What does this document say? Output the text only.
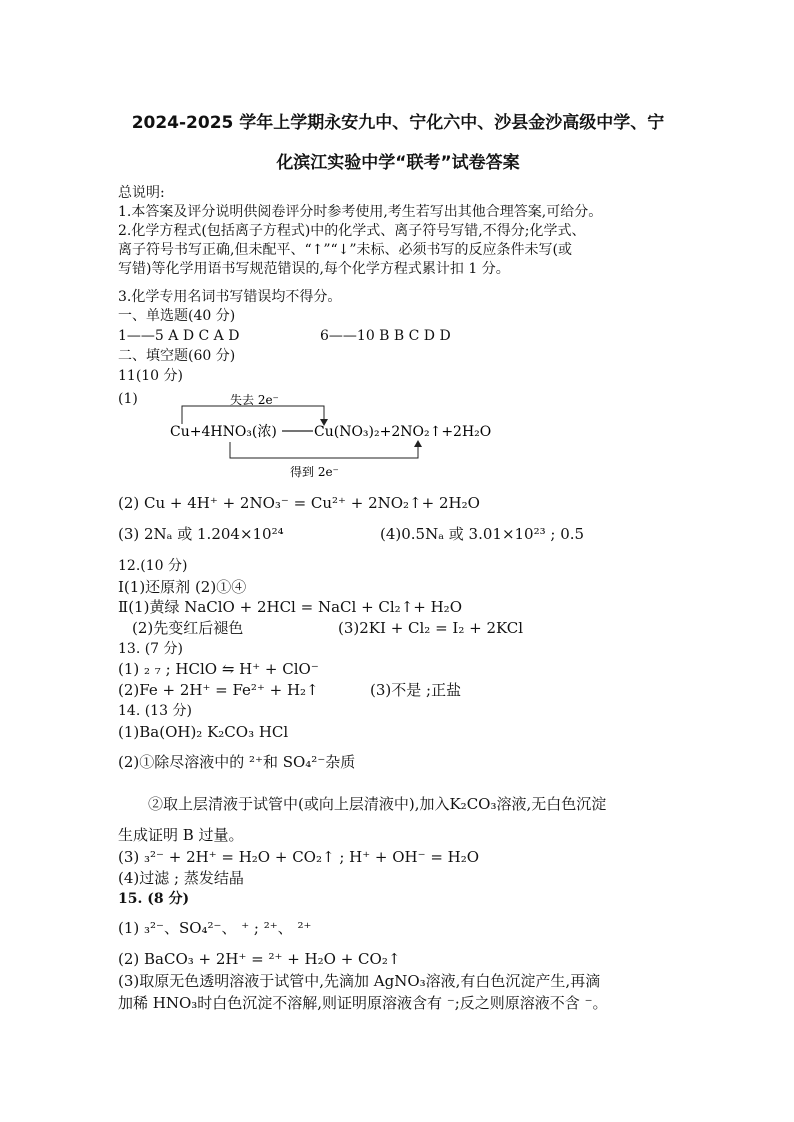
2024-2025 学年上学期永安九中、宁化六中、沙县金沙高级中学、宁
化滨江实验中学“联考”试卷答案
总说明:
1.本答案及评分说明供阅卷评分时参考使用,考生若写出其他合理答案,可给分。
2.化学方程式(包括离子方程式)中的化学式、离子符号写错,不得分;化学式、
离子符号书写正确,但未配平、“↑”“↓”未标、必须书写的反应条件未写(或
写错)等化学用语书写规范错误的,每个化学方程式累计扣 1 分。
3.化学专用名词书写错误均不得分。
一、单选题(40 分)
1——5 A D C A D	6——10 B B C D D
二、填空题(60 分)
11(10 分)
(1)	失去 2e⁻
Cu+4HNO₃(浓)	Cu(NO₃)₂+2NO₂↑+2H₂O
得到 2e⁻
(2) Cu + 4H⁺ + 2NO₃⁻ = Cu²⁺ + 2NO₂↑+ 2H₂O
(3) 2Nₐ 或 1.204×10²⁴	(4)0.5Nₐ 或 3.01×10²³ ; 0.5
12.(10 分)
Ⅰ(1)还原剂 (2)①④
Ⅱ(1)黄绿 NaClO + 2HCl = NaCl + Cl₂↑+ H₂O
(2)先变红后褪色	(3)2KI + Cl₂ = I₂ + 2KCl
13. (7 分)
(1) ₂ ₇ ; HClO ⇋ H⁺ + ClO⁻
(2)Fe + 2H⁺ = Fe²⁺ + H₂↑	(3)不是 ;正盐
14. (13 分)
(1)Ba(OH)₂ K₂CO₃ HCl
(2)①除尽溶液中的 ²⁺和 SO₄²⁻杂质
②取上层清液于试管中(或向上层清液中),加入K₂CO₃溶液,无白色沉淀
生成证明 B 过量。
(3) ₃²⁻ + 2H⁺ = H₂O + CO₂↑ ; H⁺ + OH⁻ = H₂O
(4)过滤 ; 蒸发结晶
15. (8 分)
(1) ₃²⁻、SO₄²⁻、 ⁺ ; ²⁺、 ²⁺
(2) BaCO₃ + 2H⁺ = ²⁺ + H₂O + CO₂↑
(3)取原无色透明溶液于试管中,先滴加 AgNO₃溶液,有白色沉淀产生,再滴
加稀 HNO₃时白色沉淀不溶解,则证明原溶液含有 ⁻;反之则原溶液不含 ⁻。
